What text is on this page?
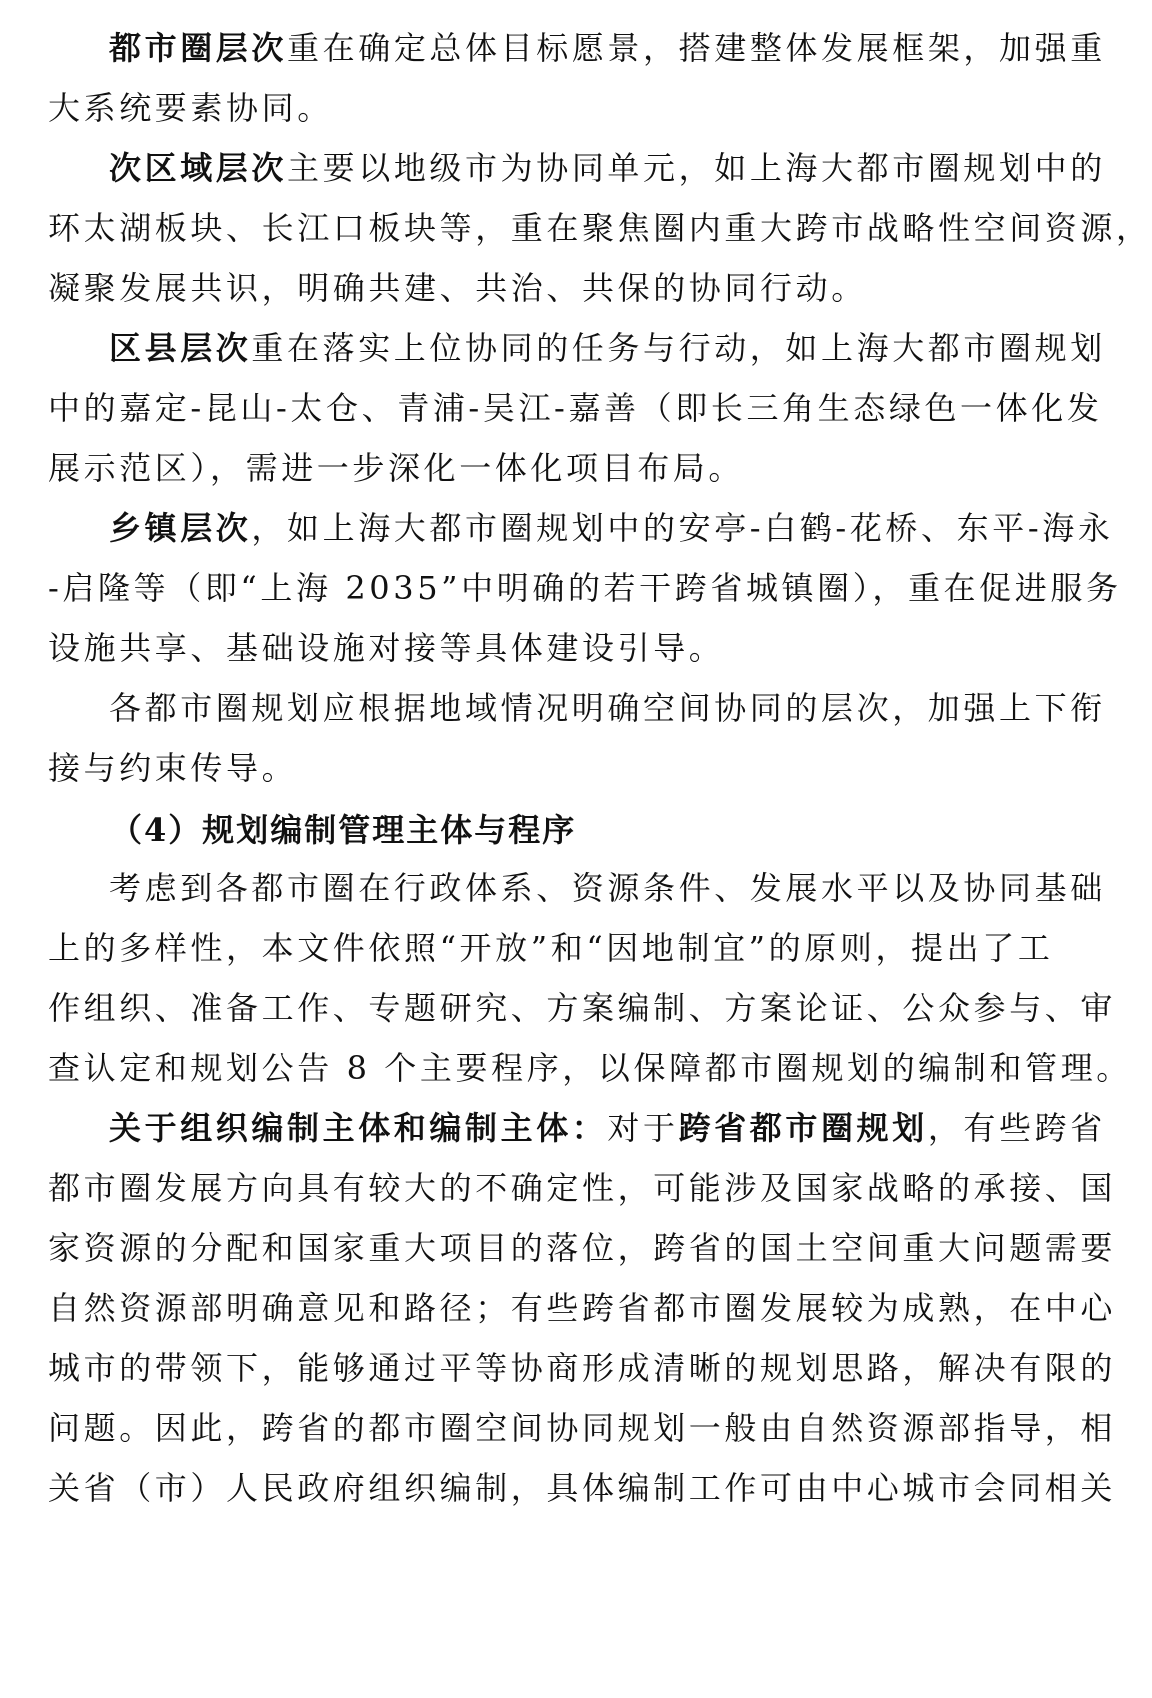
都市圈层次重在确定总体目标愿景，搭建整体发展框架，加强重
大系统要素协同。
次区域层次主要以地级市为协同单元，如上海大都市圈规划中的
环太湖板块、长江口板块等，重在聚焦圈内重大跨市战略性空间资源，
凝聚发展共识，明确共建、共治、共保的协同行动。
区县层次重在落实上位协同的任务与行动，如上海大都市圈规划
中的嘉定-昆山-太仓、青浦-吴江-嘉善（即长三角生态绿色一体化发
展示范区），需进一步深化一体化项目布局。
乡镇层次，如上海大都市圈规划中的安亭-白鹤-花桥、东平-海永
-启隆等（即“上海 2035”中明确的若干跨省城镇圈），重在促进服务
设施共享、基础设施对接等具体建设引导。
各都市圈规划应根据地域情况明确空间协同的层次，加强上下衔
接与约束传导。
（4）规划编制管理主体与程序
考虑到各都市圈在行政体系、资源条件、发展水平以及协同基础
上的多样性，本文件依照“开放”和“因地制宜”的原则，提出了工
作组织、准备工作、专题研究、方案编制、方案论证、公众参与、审
查认定和规划公告 8 个主要程序，以保障都市圈规划的编制和管理。
关于组织编制主体和编制主体：对于跨省都市圈规划，有些跨省
都市圈发展方向具有较大的不确定性，可能涉及国家战略的承接、国
家资源的分配和国家重大项目的落位，跨省的国土空间重大问题需要
自然资源部明确意见和路径；有些跨省都市圈发展较为成熟，在中心
城市的带领下，能够通过平等协商形成清晰的规划思路，解决有限的
问题。因此，跨省的都市圈空间协同规划一般由自然资源部指导，相
关省（市）人民政府组织编制，具体编制工作可由中心城市会同相关
